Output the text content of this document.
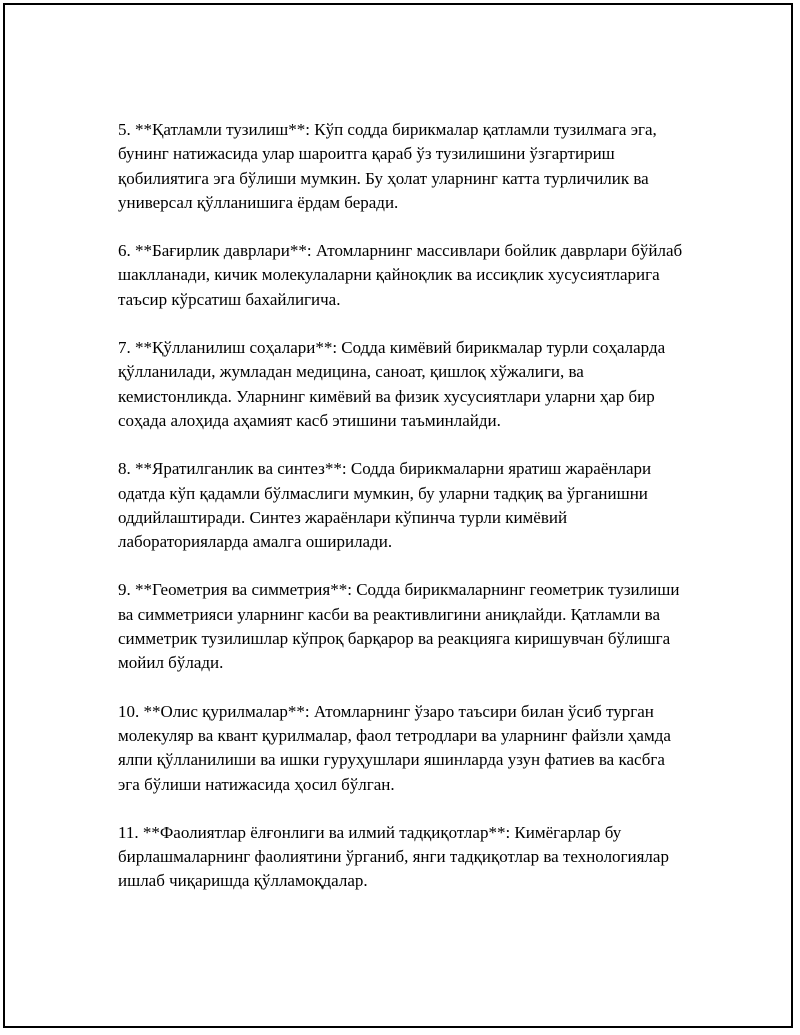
5. **Қатламли тузилиш**: Кўп содда бирикмалар қатламли тузилмага эга, бунинг натижасида улар шароитга қараб ўз тузилишини ўзгартириш қобилиятига эга бўлиши мумкин. Бу ҳолат уларнинг катта турличилик ва универсал қўлланишига ёрдам беради.

6. **Бағирлик даврлари**: Атомларнинг массивлари бойлик даврлари бўйлаб шаклланади, кичик молекулаларни қайноқлик ва иссиқлик хусусиятларига таъсир кўрсатиш бахайлигича.

7. **Қўлланилиш соҳалари**: Содда кимёвий бирикмалар турли соҳаларда қўлланилади, жумладан медицина, саноат, қишлоқ хўжалиги, ва кемистонликда. Уларнинг кимёвий ва физик хусусиятлари уларни ҳар бир соҳада алоҳида аҳамият касб этишини таъминлайди.

8. **Яратилганлик ва синтез**: Содда бирикмаларни яратиш жараёнлари одатда кўп қадамли бўлмаслиги мумкин, бу уларни тадқиқ ва ўрганишни оддийлаштиради. Синтез жараёнлари кўпинча турли кимёвий лабораторияларда амалга оширилади.

9. **Геометрия ва симметрия**: Содда бирикмаларнинг геометрик тузилиши ва симметрияси уларнинг касби ва реактивлигини аниқлайди. Қатламли ва симметрик тузилишлар кўпроқ барқарор ва реакцияга киришувчан бўлишга мойил бўлади.

10. **Олис қурилмалар**: Атомларнинг ўзаро таъсири билан ўсиб турган молекуляр ва квант қурилмалар, фаол тетродлари ва уларнинг файзли ҳамда ялпи қўлланилиши ва ишки гуруҳушлари яшинларда узун фатиев ва касбга эга бўлиши натижасида ҳосил бўлган.

11. **Фаолиятлар ёлғонлиги ва илмий тадқиқотлар**: Кимёгарлар бу бирлашмаларнинг фаолиятини ўрганиб, янги тадқиқотлар ва технологиялар ишлаб чиқаришда қўлламоқдалар.
